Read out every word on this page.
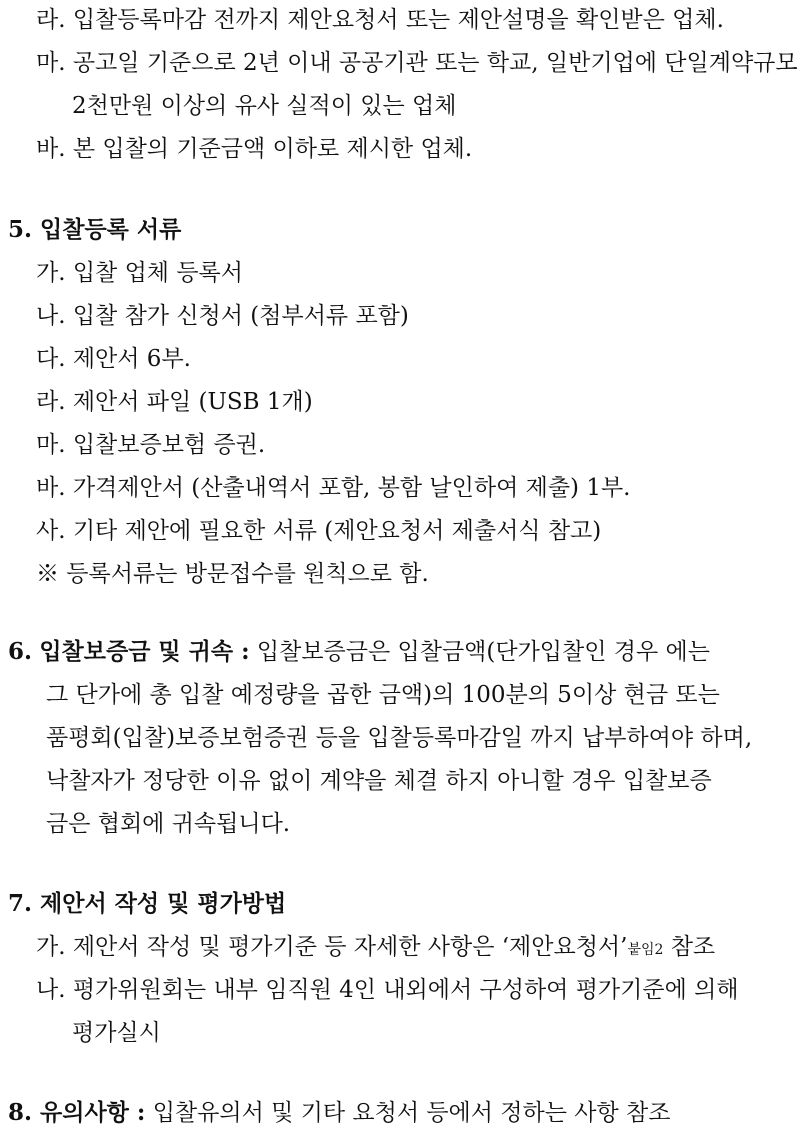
라. 입찰등록마감 전까지 제안요청서 또는 제안설명을 확인받은 업체.
마. 공고일 기준으로 2년 이내 공공기관 또는 학교, 일반기업에 단일계약규모
2천만원 이상의 유사 실적이 있는 업체
바. 본 입찰의 기준금액 이하로 제시한 업체.
5. 입찰등록 서류
가. 입찰 업체 등록서
나. 입찰 참가 신청서 (첨부서류 포함)
다. 제안서 6부.
라. 제안서 파일 (USB 1개)
마. 입찰보증보험 증권.
바. 가격제안서 (산출내역서 포함, 봉함 날인하여 제출) 1부.
사. 기타 제안에 필요한 서류 (제안요청서 제출서식 참고)
※ 등록서류는 방문접수를 원칙으로 함.
6. 입찰보증금 및 귀속 : 입찰보증금은 입찰금액(단가입찰인 경우 에는
그 단가에 총 입찰 예정량을 곱한 금액)의 100분의 5이상 현금 또는
품평회(입찰)보증보험증권 등을 입찰등록마감일 까지 납부하여야 하며,
낙찰자가 정당한 이유 없이 계약을 체결 하지 아니할 경우 입찰보증
금은 협회에 귀속됩니다.
7. 제안서 작성 및 평가방법
가. 제안서 작성 및 평가기준 등 자세한 사항은 ‘제안요청서’붙임2 참조
나. 평가위원회는 내부 임직원 4인 내외에서 구성하여 평가기준에 의해
평가실시
8. 유의사항 : 입찰유의서 및 기타 요청서 등에서 정하는 사항 참조
